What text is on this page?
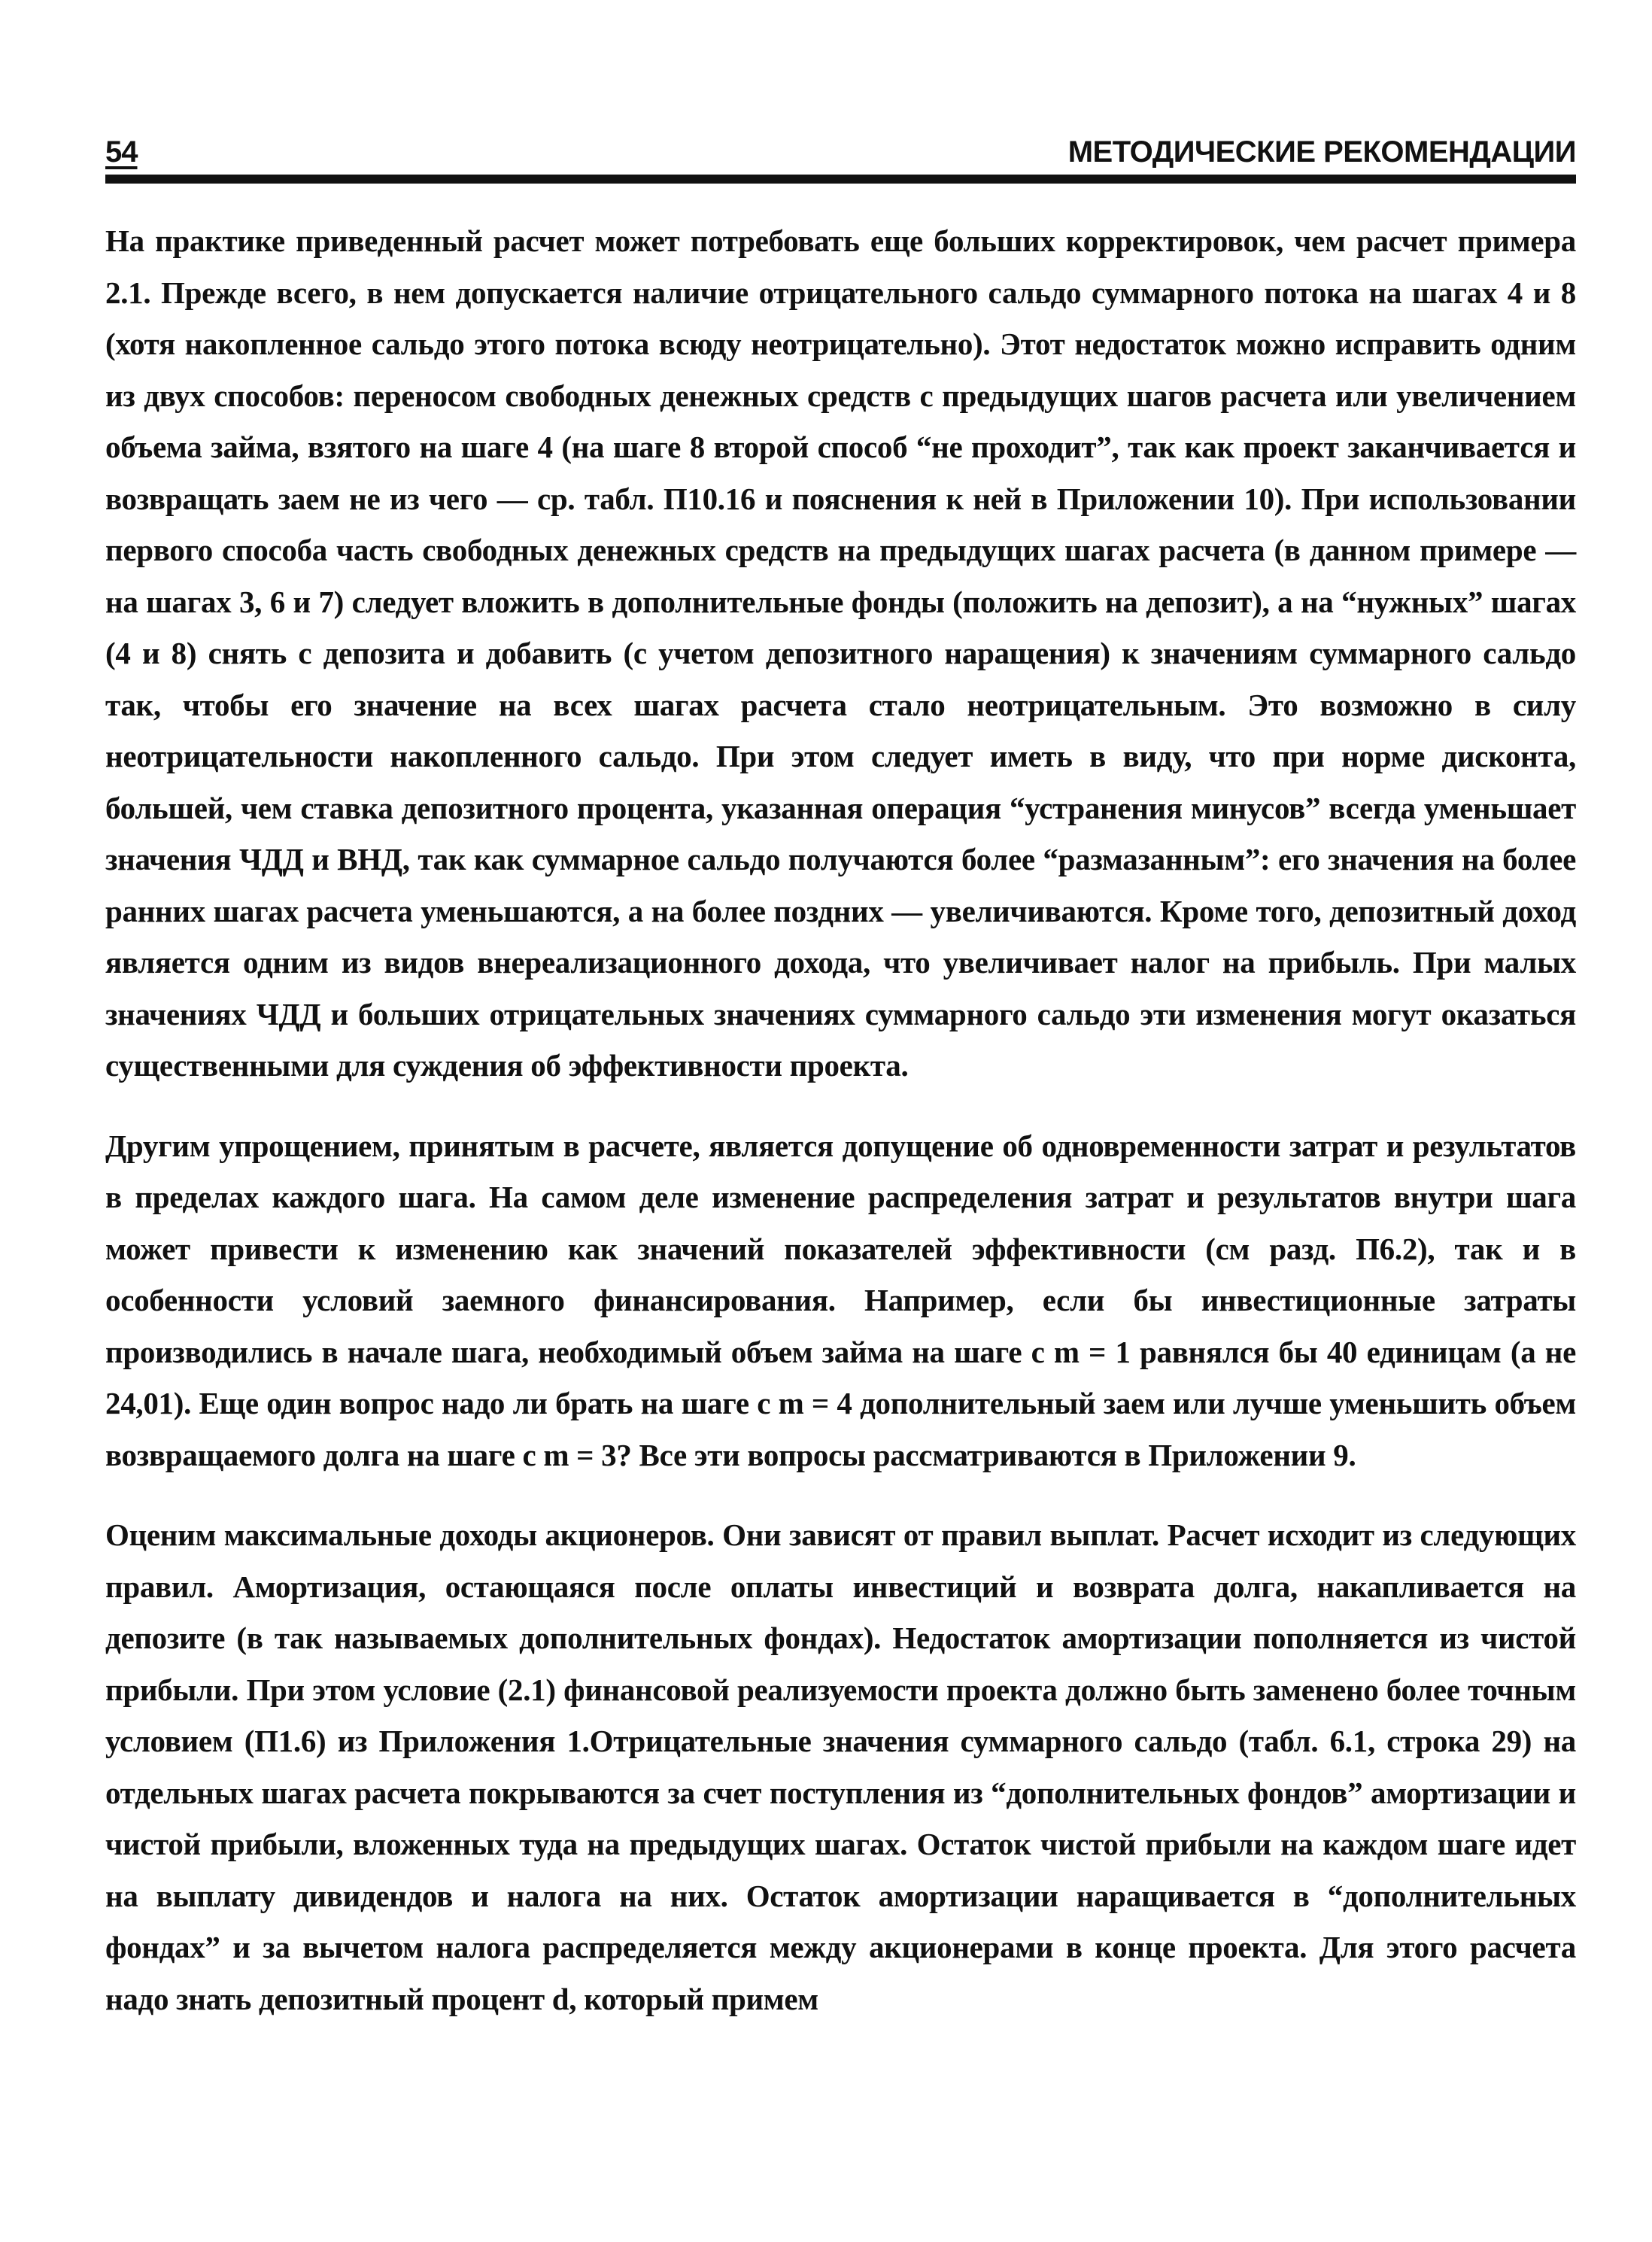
54	МЕТОДИЧЕСКИЕ РЕКОМЕНДАЦИИ

На практике приведенный расчет может потребовать еще больших корректировок, чем расчет примера 2.1. Прежде всего, в нем допускается наличие отрицательного сальдо суммарного потока на шагах 4 и 8 (хотя накопленное сальдо этого потока всюду неотрицательно). Этот недостаток можно исправить одним из двух способов: переносом свободных денежных средств с предыдущих шагов расчета или увеличением объема займа, взятого на шаге 4 (на шаге 8 второй способ “не проходит”, так как проект заканчивается и возвращать заем не из чего — ср. табл. П10.16 и пояснения к ней в Приложении 10). При использовании первого способа часть свободных денежных средств на предыдущих шагах расчета (в данном примере — на шагах 3, 6 и 7) следует вложить в дополнительные фонды (положить на депозит), а на “нужных” шагах (4 и 8) снять с депозита и добавить (с учетом депозитного наращения) к значениям суммарного сальдо так, чтобы его значение на всех шагах расчета стало неотрицательным. Это возможно в силу неотрицательности накопленного сальдо. При этом следует иметь в виду, что при норме дисконта, большей, чем ставка депозитного процента, указанная операция “устранения минусов” всегда уменьшает значения ЧДД и ВНД, так как суммарное сальдо получаются более “размазанным”: его значения на более ранних шагах расчета уменьшаются, а на более поздних — увеличиваются. Кроме того, депозитный доход является одним из видов внереализационного дохода, что увеличивает налог на прибыль. При малых значениях ЧДД и больших отрицательных значениях суммарного сальдо эти изменения могут оказаться существенными для суждения об эффективности проекта.

Другим упрощением, принятым в расчете, является допущение об одновременности затрат и результатов в пределах каждого шага. На самом деле изменение распределения затрат и результатов внутри шага может привести к изменению как значений показателей эффективности (см разд. П6.2), так и в особенности условий заемного финансирования. Например, если бы инвестиционные затраты производились в начале шага, необходимый объем займа на шаге с m = 1 равнялся бы 40 единицам (а не 24,01). Еще один вопрос надо ли брать на шаге с m = 4 дополнительный заем или лучше уменьшить объем возвращаемого долга на шаге с m = 3? Все эти вопросы рассматриваются в Приложении 9.

Оценим максимальные доходы акционеров. Они зависят от правил выплат. Расчет исходит из следующих правил. Амортизация, остающаяся после оплаты инвестиций и возврата долга, накапливается на депозите (в так называемых дополнительных фондах). Недостаток амортизации пополняется из чистой прибыли. При этом условие (2.1) финансовой реализуемости проекта должно быть заменено более точным условием (П1.6) из Приложения 1.Отрицательные значения суммарного сальдо (табл. 6.1, строка 29) на отдельных шагах расчета покрываются за счет поступления из “дополнительных фондов” амортизации и чистой прибыли, вложенных туда на предыдущих шагах. Остаток чистой прибыли на каждом шаге идет на выплату дивидендов и налога на них. Остаток амортизации наращивается в “дополнительных фондах” и за вычетом налога распределяется между акционерами в конце проекта. Для этого расчета надо знать депозитный процент d, который примем
